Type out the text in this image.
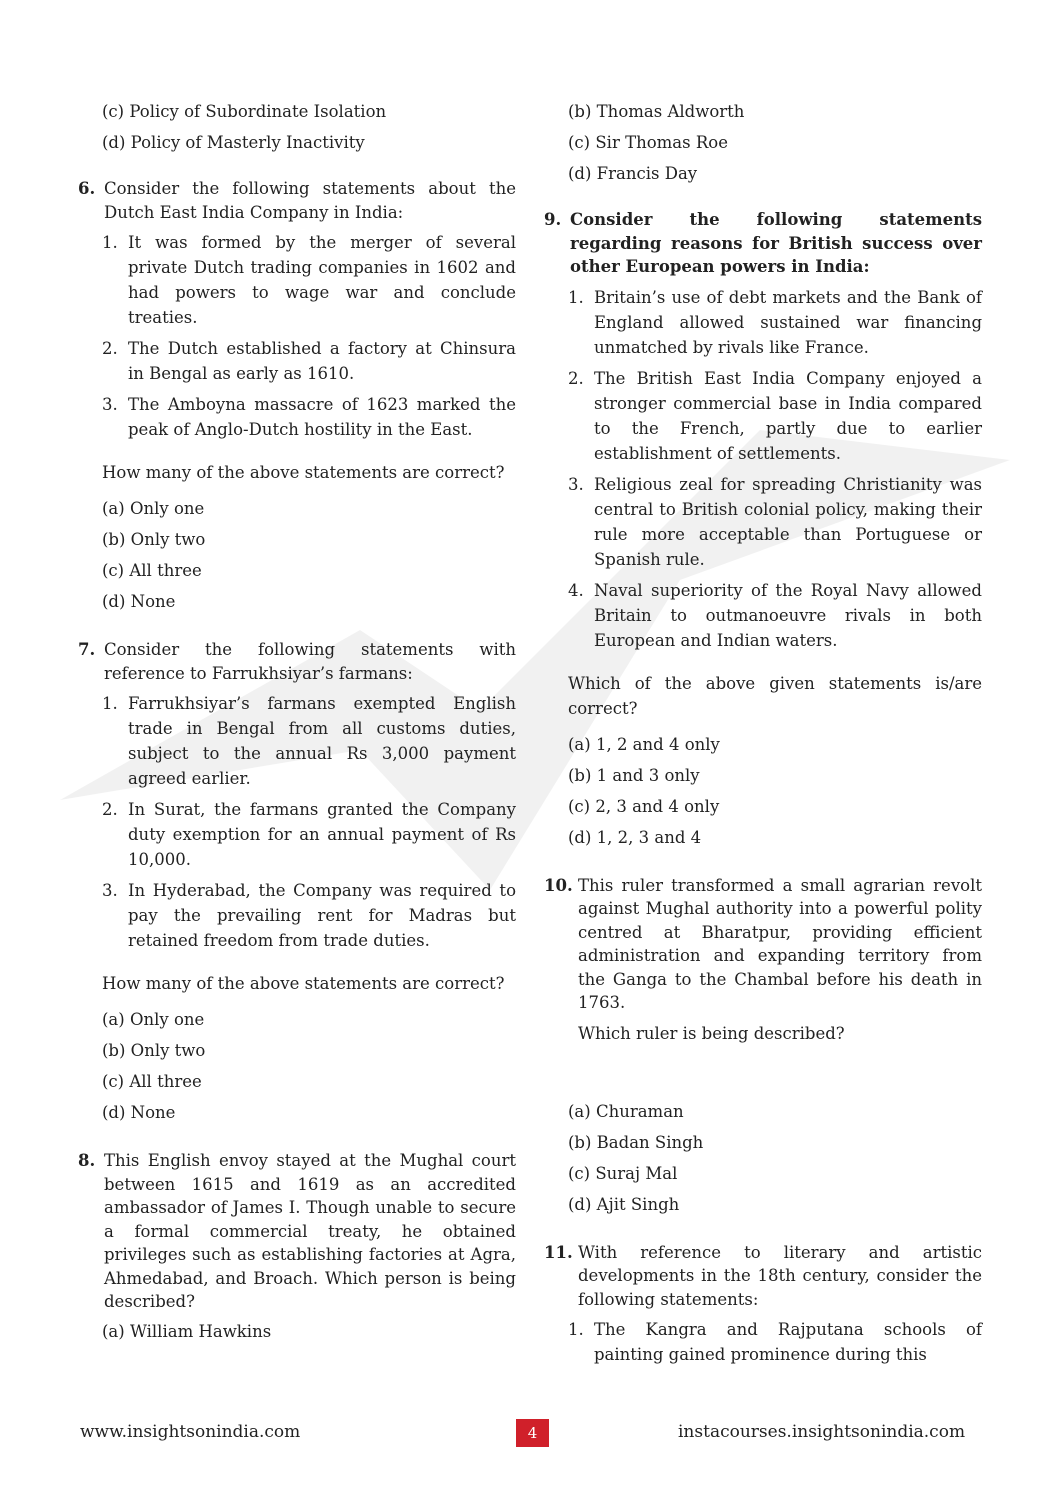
(c) Policy of Subordinate Isolation
(d) Policy of Masterly Inactivity
6. Consider the following statements about the Dutch East India Company in India:
1. It was formed by the merger of several private Dutch trading companies in 1602 and had powers to wage war and conclude treaties.
2. The Dutch established a factory at Chinsura in Bengal as early as 1610.
3. The Amboyna massacre of 1623 marked the peak of Anglo-Dutch hostility in the East.
How many of the above statements are correct?
(a) Only one
(b) Only two
(c) All three
(d) None
7. Consider the following statements with reference to Farrukhsiyar’s farmans:
1. Farrukhsiyar’s farmans exempted English trade in Bengal from all customs duties, subject to the annual Rs 3,000 payment agreed earlier.
2. In Surat, the farmans granted the Company duty exemption for an annual payment of Rs 10,000.
3. In Hyderabad, the Company was required to pay the prevailing rent for Madras but retained freedom from trade duties.
How many of the above statements are correct?
(a) Only one
(b) Only two
(c) All three
(d) None
8. This English envoy stayed at the Mughal court between 1615 and 1619 as an accredited ambassador of James I. Though unable to secure a formal commercial treaty, he obtained privileges such as establishing factories at Agra, Ahmedabad, and Broach. Which person is being described?
(a) William Hawkins
(b) Thomas Aldworth
(c) Sir Thomas Roe
(d) Francis Day
9. Consider the following statements regarding reasons for British success over other European powers in India:
1. Britain’s use of debt markets and the Bank of England allowed sustained war financing unmatched by rivals like France.
2. The British East India Company enjoyed a stronger commercial base in India compared to the French, partly due to earlier establishment of settlements.
3. Religious zeal for spreading Christianity was central to British colonial policy, making their rule more acceptable than Portuguese or Spanish rule.
4. Naval superiority of the Royal Navy allowed Britain to outmanoeuvre rivals in both European and Indian waters.
Which of the above given statements is/are correct?
(a) 1, 2 and 4 only
(b) 1 and 3 only
(c) 2, 3 and 4 only
(d) 1, 2, 3 and 4
10. This ruler transformed a small agrarian revolt against Mughal authority into a powerful polity centred at Bharatpur, providing efficient administration and expanding territory from the Ganga to the Chambal before his death in 1763.
Which ruler is being described?
(a) Churaman
(b) Badan Singh
(c) Suraj Mal
(d) Ajit Singh
11. With reference to literary and artistic developments in the 18th century, consider the following statements:
1. The Kangra and Rajputana schools of painting gained prominence during this
www.insightsonindia.com	4	instacourses.insightsonindia.com
